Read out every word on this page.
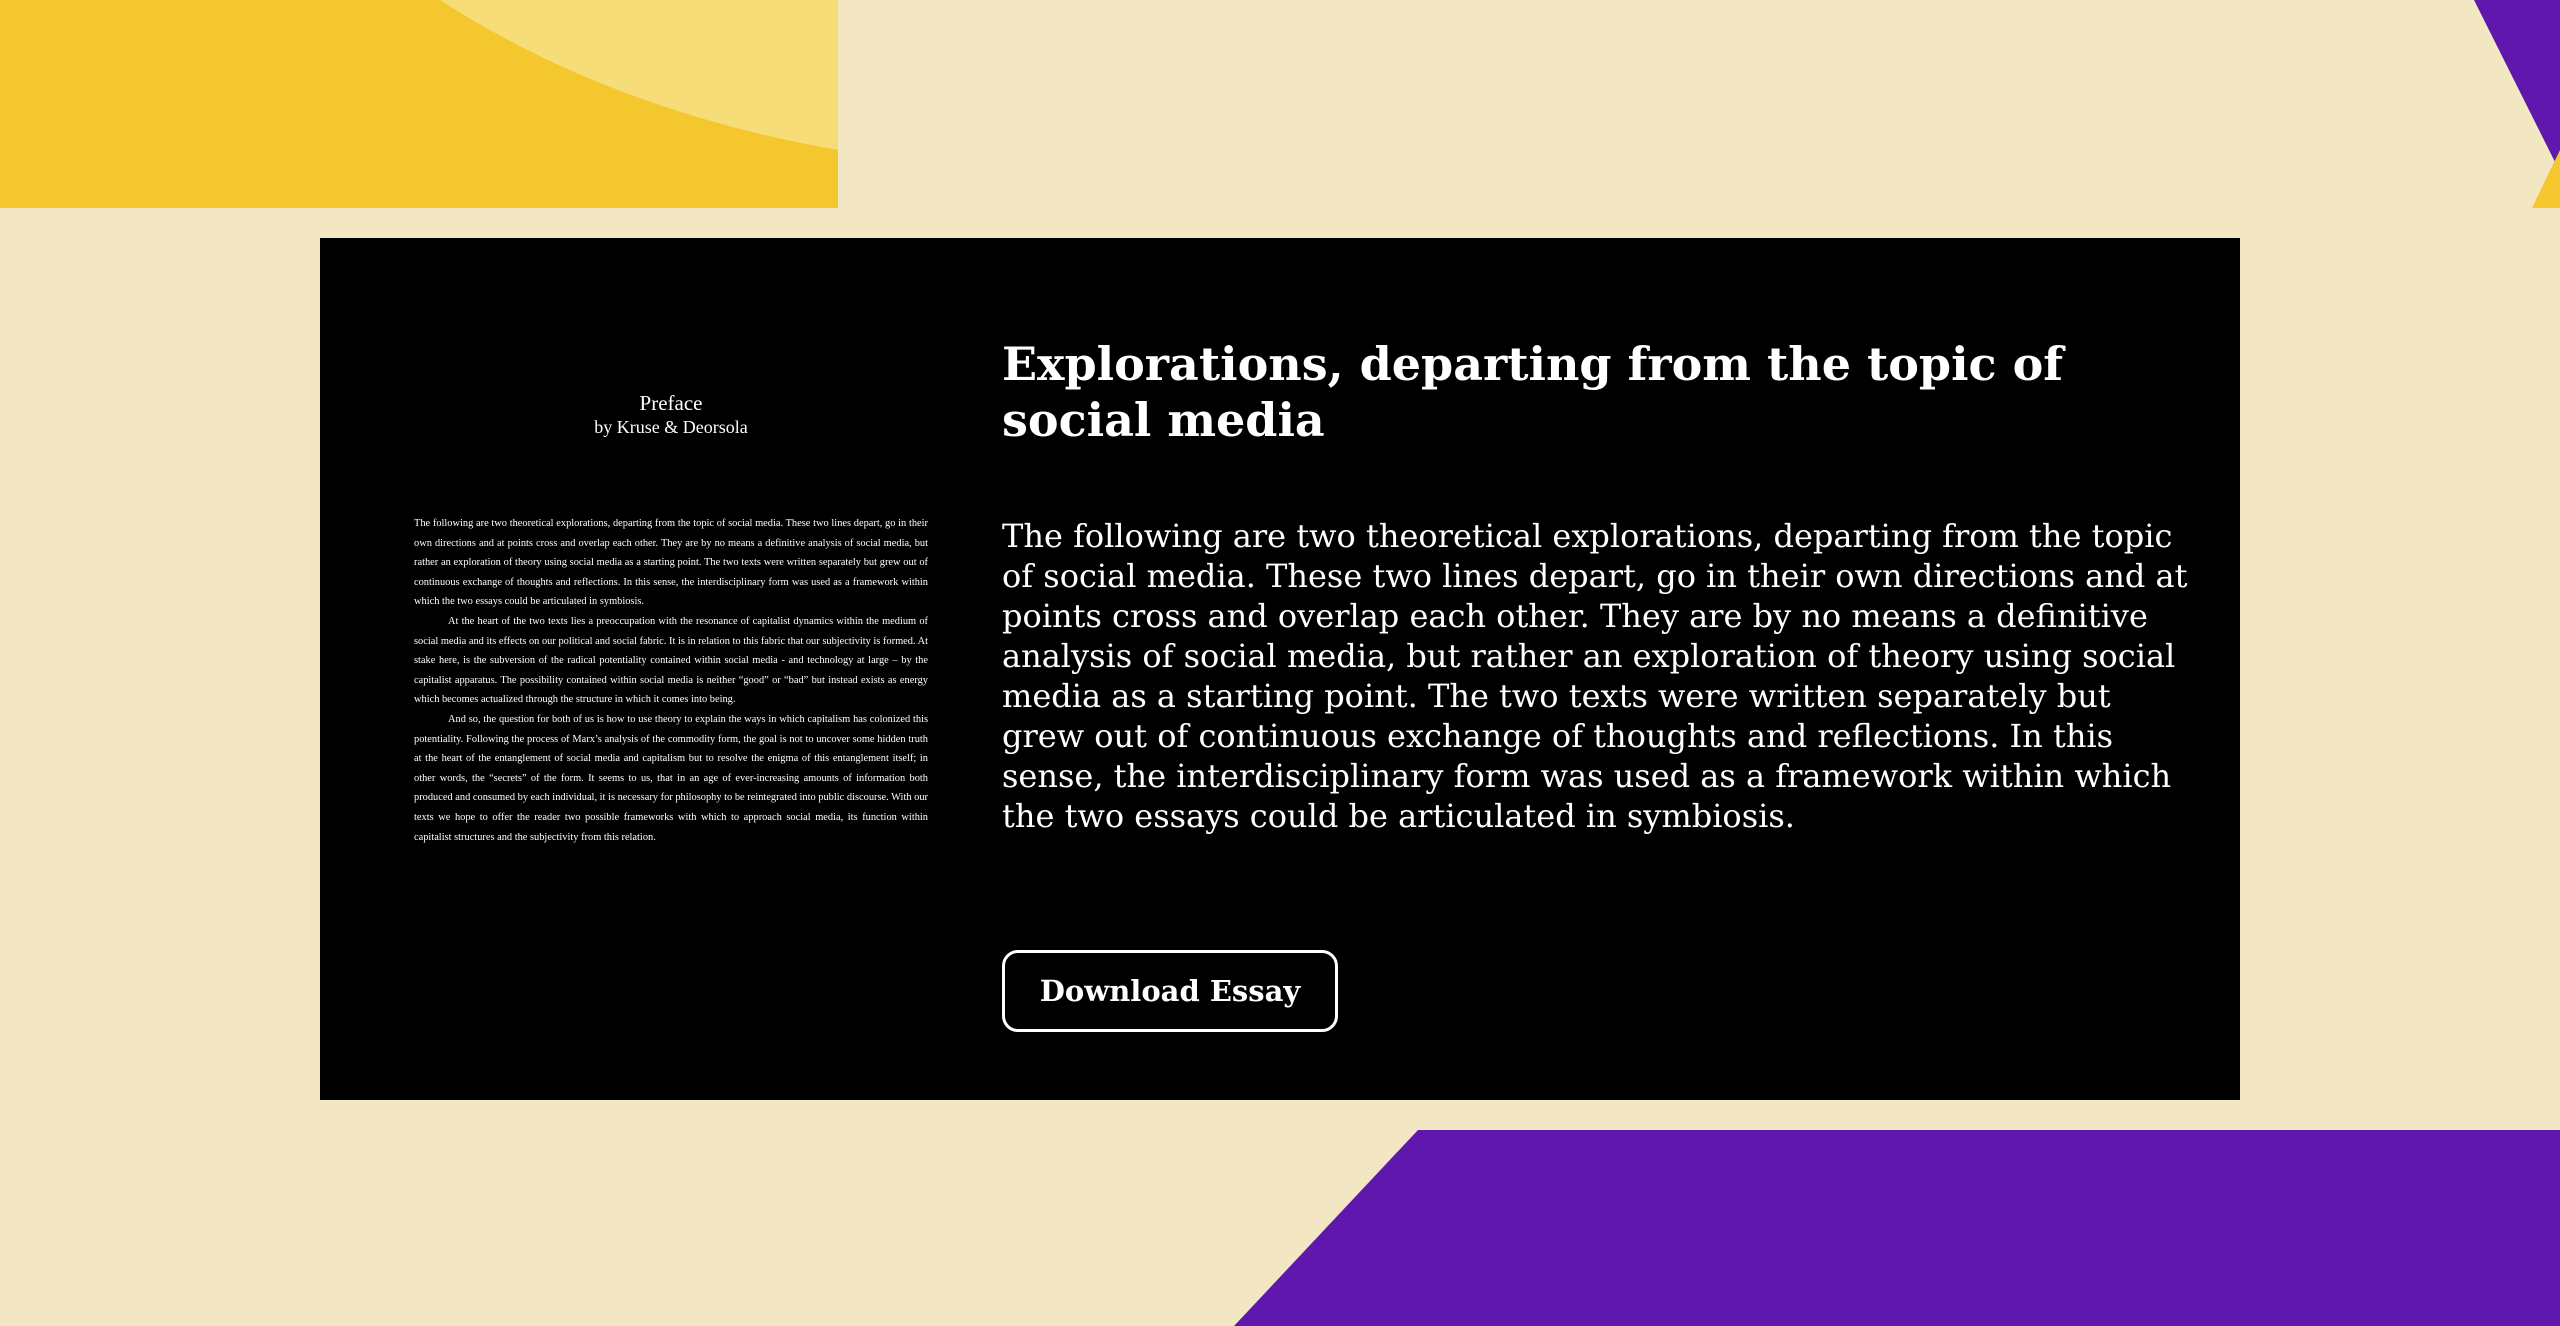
Preface
by Kruse & Deorsola

The following are two theoretical explorations, departing from the topic of social media. These two lines depart, go in their own directions and at points cross and overlap each other. They are by no means a definitive analysis of social media, but rather an exploration of theory using social media as a starting point. The two texts were written separately but grew out of continuous exchange of thoughts and reflections. In this sense, the interdisciplinary form was used as a framework within which the two essays could be articulated in symbiosis.

At the heart of the two texts lies a preoccupation with the resonance of capitalist dynamics within the medium of social media and its effects on our political and social fabric. It is in relation to this fabric that our subjectivity is formed. At stake here, is the subversion of the radical potentiality contained within social media - and technology at large – by the capitalist apparatus. The possibility contained within social media is neither “good” or “bad” but instead exists as energy which becomes actualized through the structure in which it comes into being.

And so, the question for both of us is how to use theory to explain the ways in which capitalism has colonized this potentiality. Following the process of Marx’s analysis of the commodity form, the goal is not to uncover some hidden truth at the heart of the entanglement of social media and capitalism but to resolve the enigma of this entanglement itself; in other words, the “secrets” of the form. It seems to us, that in an age of ever-increasing amounts of information both produced and consumed by each individual, it is necessary for philosophy to be reintegrated into public discourse. With our texts we hope to offer the reader two possible frameworks with which to approach social media, its function within capitalist structures and the subjectivity from this relation.

Explorations, departing from the topic of social media

The following are two theoretical explorations, departing from the topic of social media. These two lines depart, go in their own directions and at points cross and overlap each other. They are by no means a definitive analysis of social media, but rather an exploration of theory using social media as a starting point. The two texts were written separately but grew out of continuous exchange of thoughts and reflections. In this sense, the interdisciplinary form was used as a framework within which the two essays could be articulated in symbiosis.

Download Essay
